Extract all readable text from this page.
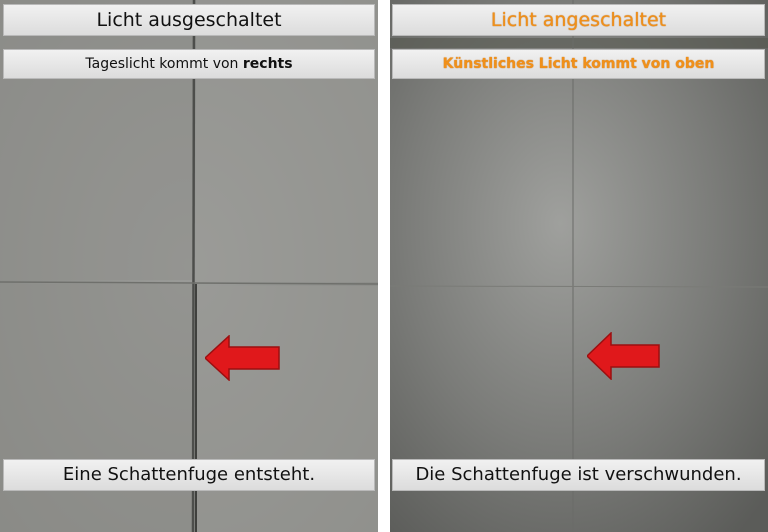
Licht ausgeschaltet
Tageslicht kommt von rechts
Eine Schattenfuge entsteht.
Licht angeschaltet
Künstliches Licht kommt von oben
Die Schattenfuge ist verschwunden.
